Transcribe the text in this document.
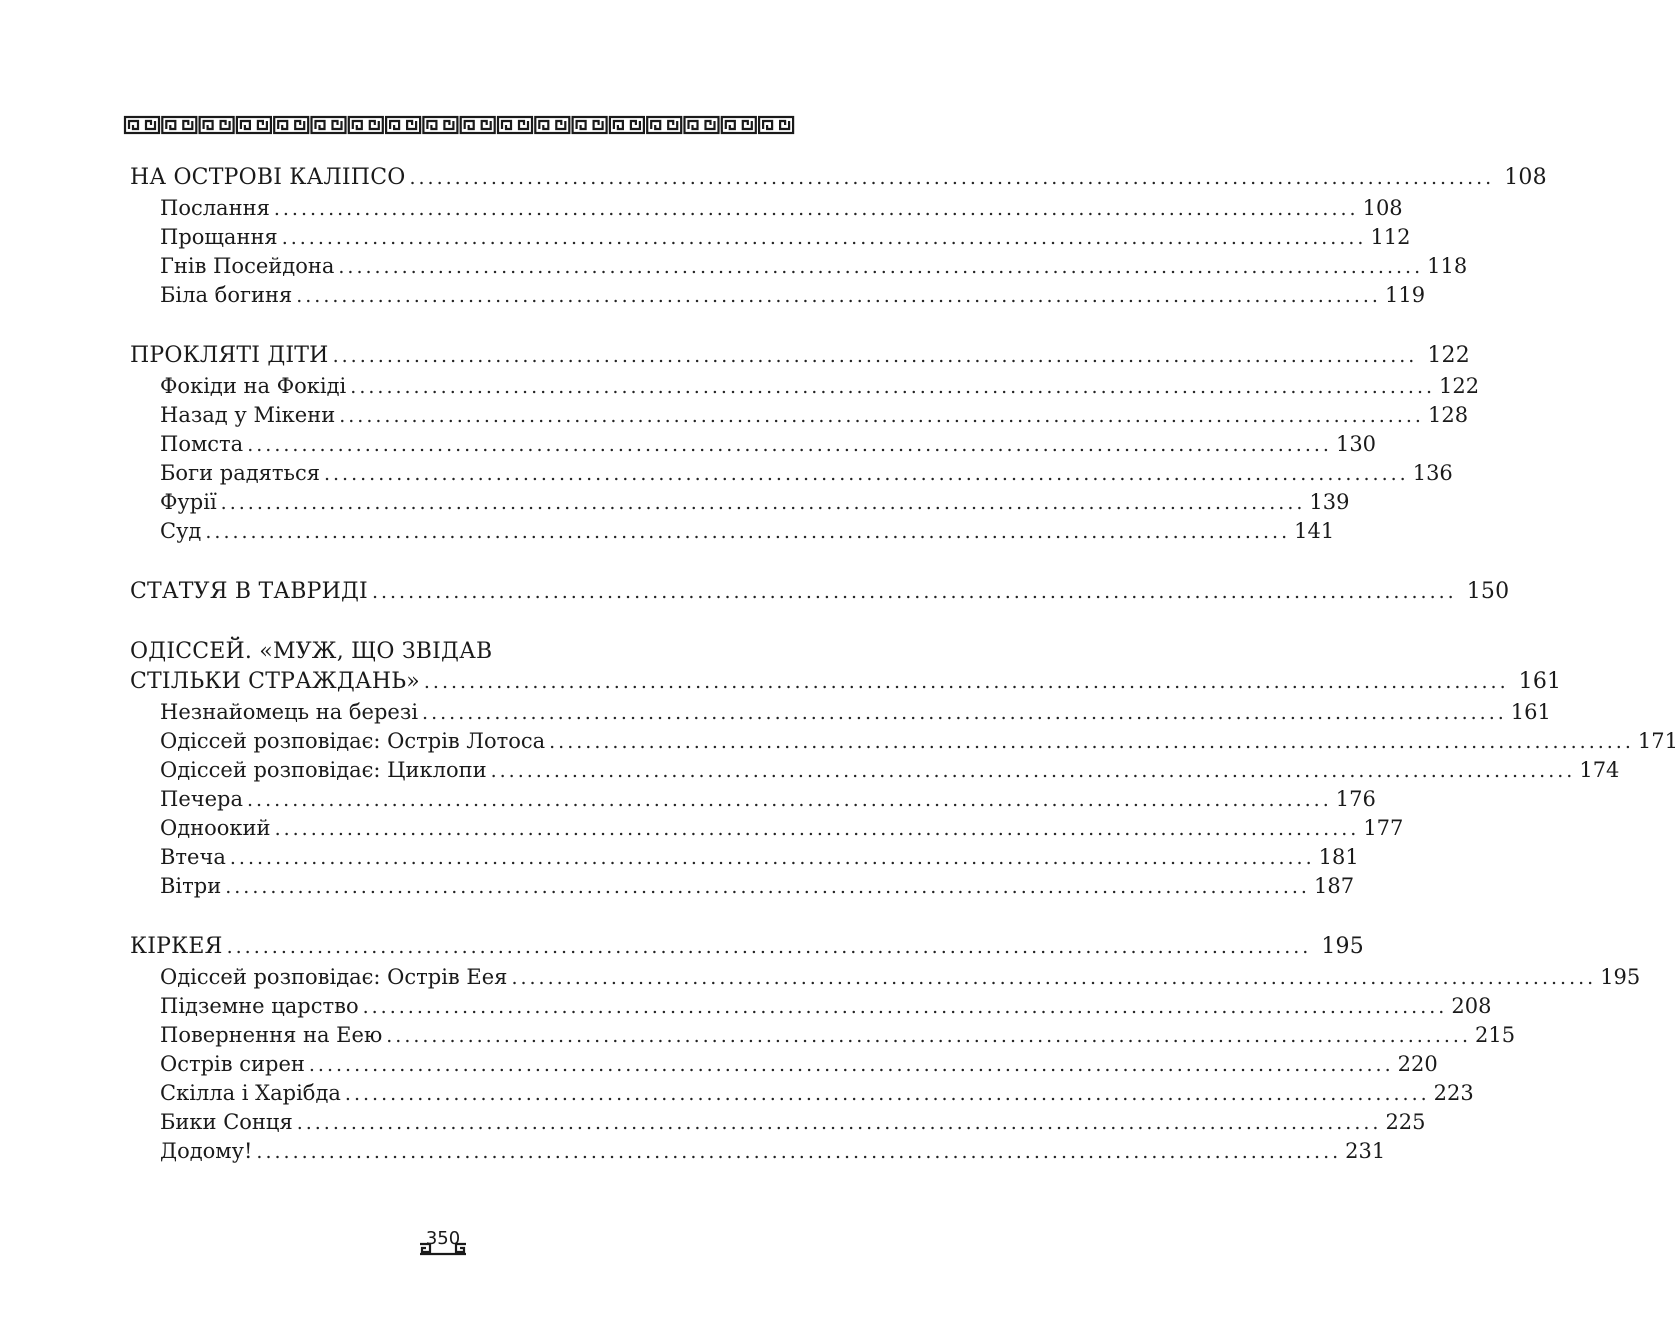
НА ОСТРОВІ КАЛІПСО ........................................................................................................................ 108
Послання ........................................................................................................................ 108
Прощання ........................................................................................................................ 112
Гнів Посейдона ........................................................................................................................ 118
Біла богиня ........................................................................................................................ 119
ПРОКЛЯТІ ДІТИ ........................................................................................................................ 122
Фокіди на Фокіді ........................................................................................................................ 122
Назад у Мікени ........................................................................................................................ 128
Помста ........................................................................................................................ 130
Боги радяться ........................................................................................................................ 136
Фурії ........................................................................................................................ 139
Суд ........................................................................................................................ 141
СТАТУЯ В ТАВРИДІ ........................................................................................................................ 150
ОДІССЕЙ. «МУЖ, ЩО ЗВІДАВ
СТІЛЬКИ СТРАЖДАНЬ» ........................................................................................................................ 161
Незнайомець на березі ........................................................................................................................ 161
Одіссей розповідає: Острів Лотоса ........................................................................................................................ 171
Одіссей розповідає: Циклопи ........................................................................................................................ 174
Печера ........................................................................................................................ 176
Одноокий ........................................................................................................................ 177
Втеча ........................................................................................................................ 181
Вітри ........................................................................................................................ 187
КІРКЕЯ ........................................................................................................................ 195
Одіссей розповідає: Острів Еея ........................................................................................................................ 195
Підземне царство ........................................................................................................................ 208
Повернення на Еею ........................................................................................................................ 215
Острів сирен ........................................................................................................................ 220
Скілла і Харібда ........................................................................................................................ 223
Бики Сонця ........................................................................................................................ 225
Додому! ........................................................................................................................ 231
350
